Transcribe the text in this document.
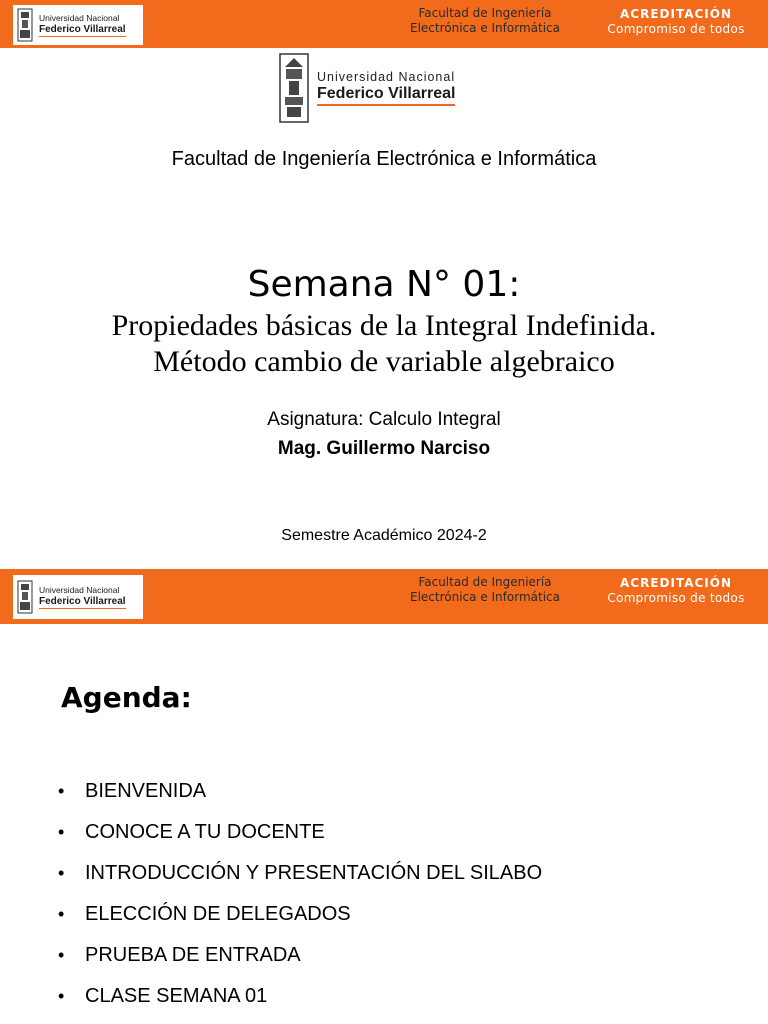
Universidad Nacional
Federico Villarreal
Facultad de Ingeniería
Electrónica e Informática
ACREDITACIÓN
Compromiso de todos
Universidad Nacional
Federico Villarreal
Facultad de Ingeniería Electrónica e Informática
Semana N° 01:
Propiedades básicas de la Integral Indefinida.
Método cambio de variable algebraico
Asignatura: Calculo Integral
Mag. Guillermo Narciso
Semestre Académico 2024-2
Universidad Nacional
Federico Villarreal
Facultad de Ingeniería
Electrónica e Informática
ACREDITACIÓN
Compromiso de todos
Agenda:
•	BIENVENIDA
•	CONOCE A TU DOCENTE
•	INTRODUCCIÓN Y PRESENTACIÓN DEL SILABO
•	ELECCIÓN DE DELEGADOS
•	PRUEBA DE ENTRADA
•	CLASE SEMANA 01
